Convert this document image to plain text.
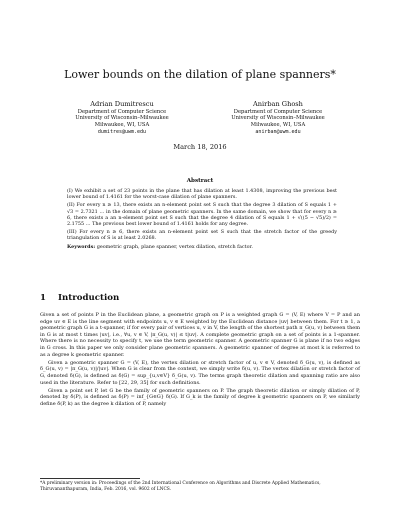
Lower bounds on the dilation of plane spanners*
Adrian Dumitrescu
Department of Computer Science
University of Wisconsin–Milwaukee
Milwaukee, WI, USA
dumitres@uwm.edu
Anirban Ghosh
Department of Computer Science
University of Wisconsin–Milwaukee
Milwaukee, WI, USA
anirban@uwm.edu
March 18, 2016
Abstract

(I) We exhibit a set of 23 points in the plane that has dilation at least 1.4308, improving the previous best lower bound of 1.4161 for the worst-case dilation of plane spanners.

(II) For every n ≥ 13, there exists an n-element point set S such that the degree 3 dilation of S equals 1 + √3 = 2.7321 … in the domain of plane geometric spanners. In the same domain, we show that for every n ≥ 6, there exists a an n-element point set S such that the degree 4 dilation of S equals 1 + √((5 − √5)/2) = 2.1755 … The previous best lower bound of 1.4161 holds for any degree.

(III) For every n ≥ 6, there exists an n-element point set S such that the stretch factor of the greedy triangulation of S is at least 2.0268.

Keywords: geometric graph, plane spanner, vertex dilation, stretch factor.

1 Introduction

Given a set of points P in the Euclidean plane, a geometric graph on P is a weighted graph G = (V, E) where V = P and an edge uv ∈ E is the line segment with endpoints u, v ∈ E weighted by the Euclidean distance |uv| between them. For t ≥ 1, a geometric graph G is a t-spanner, if for every pair of vertices u, v in V, the length of the shortest path π_G(u, v) between them in G is at most t times |uv|, i.e., ∀u, v ∈ V, |π_G(u, v)| ≤ t|uv|. A complete geometric graph on a set of points is a 1-spanner. Where there is no necessity to specify t, we use the term geometric spanner. A geometric spanner G is plane if no two edges in G cross. In this paper we only consider plane geometric spanners. A geometric spanner of degree at most k is referred to as a degree k geometric spanner.

Given a geometric spanner G = (V, E), the vertex dilation or stretch factor of u, v ∈ V, denoted δ_G(u, v), is defined as δ_G(u, v) = |π_G(u, v)|/|uv|. When G is clear from the context, we simply write δ(u, v). The vertex dilation or stretch factor of G, denoted δ(G), is defined as δ(G) = sup_{u,v∈V} δ_G(u, v). The terms graph theoretic dilation and spanning ratio are also used in the literature. Refer to [22, 29, 35] for such definitions.

Given a point set P, let G be the family of geometric spanners on P. The graph theoretic dilation or simply dilation of P, denoted by δ(P), is defined as δ(P) = inf_{G∈G} δ(G). If G_k is the family of degree k geometric spanners on P, we similarly define δ(P, k) as the degree k dilation of P, namely

*A preliminary version in: Proceedings of the 2nd International Conference on Algorithms and Discrete Applied Mathematics, Thiruvananthapuram, India, Feb. 2016, vol. 9602 of LNCS.
